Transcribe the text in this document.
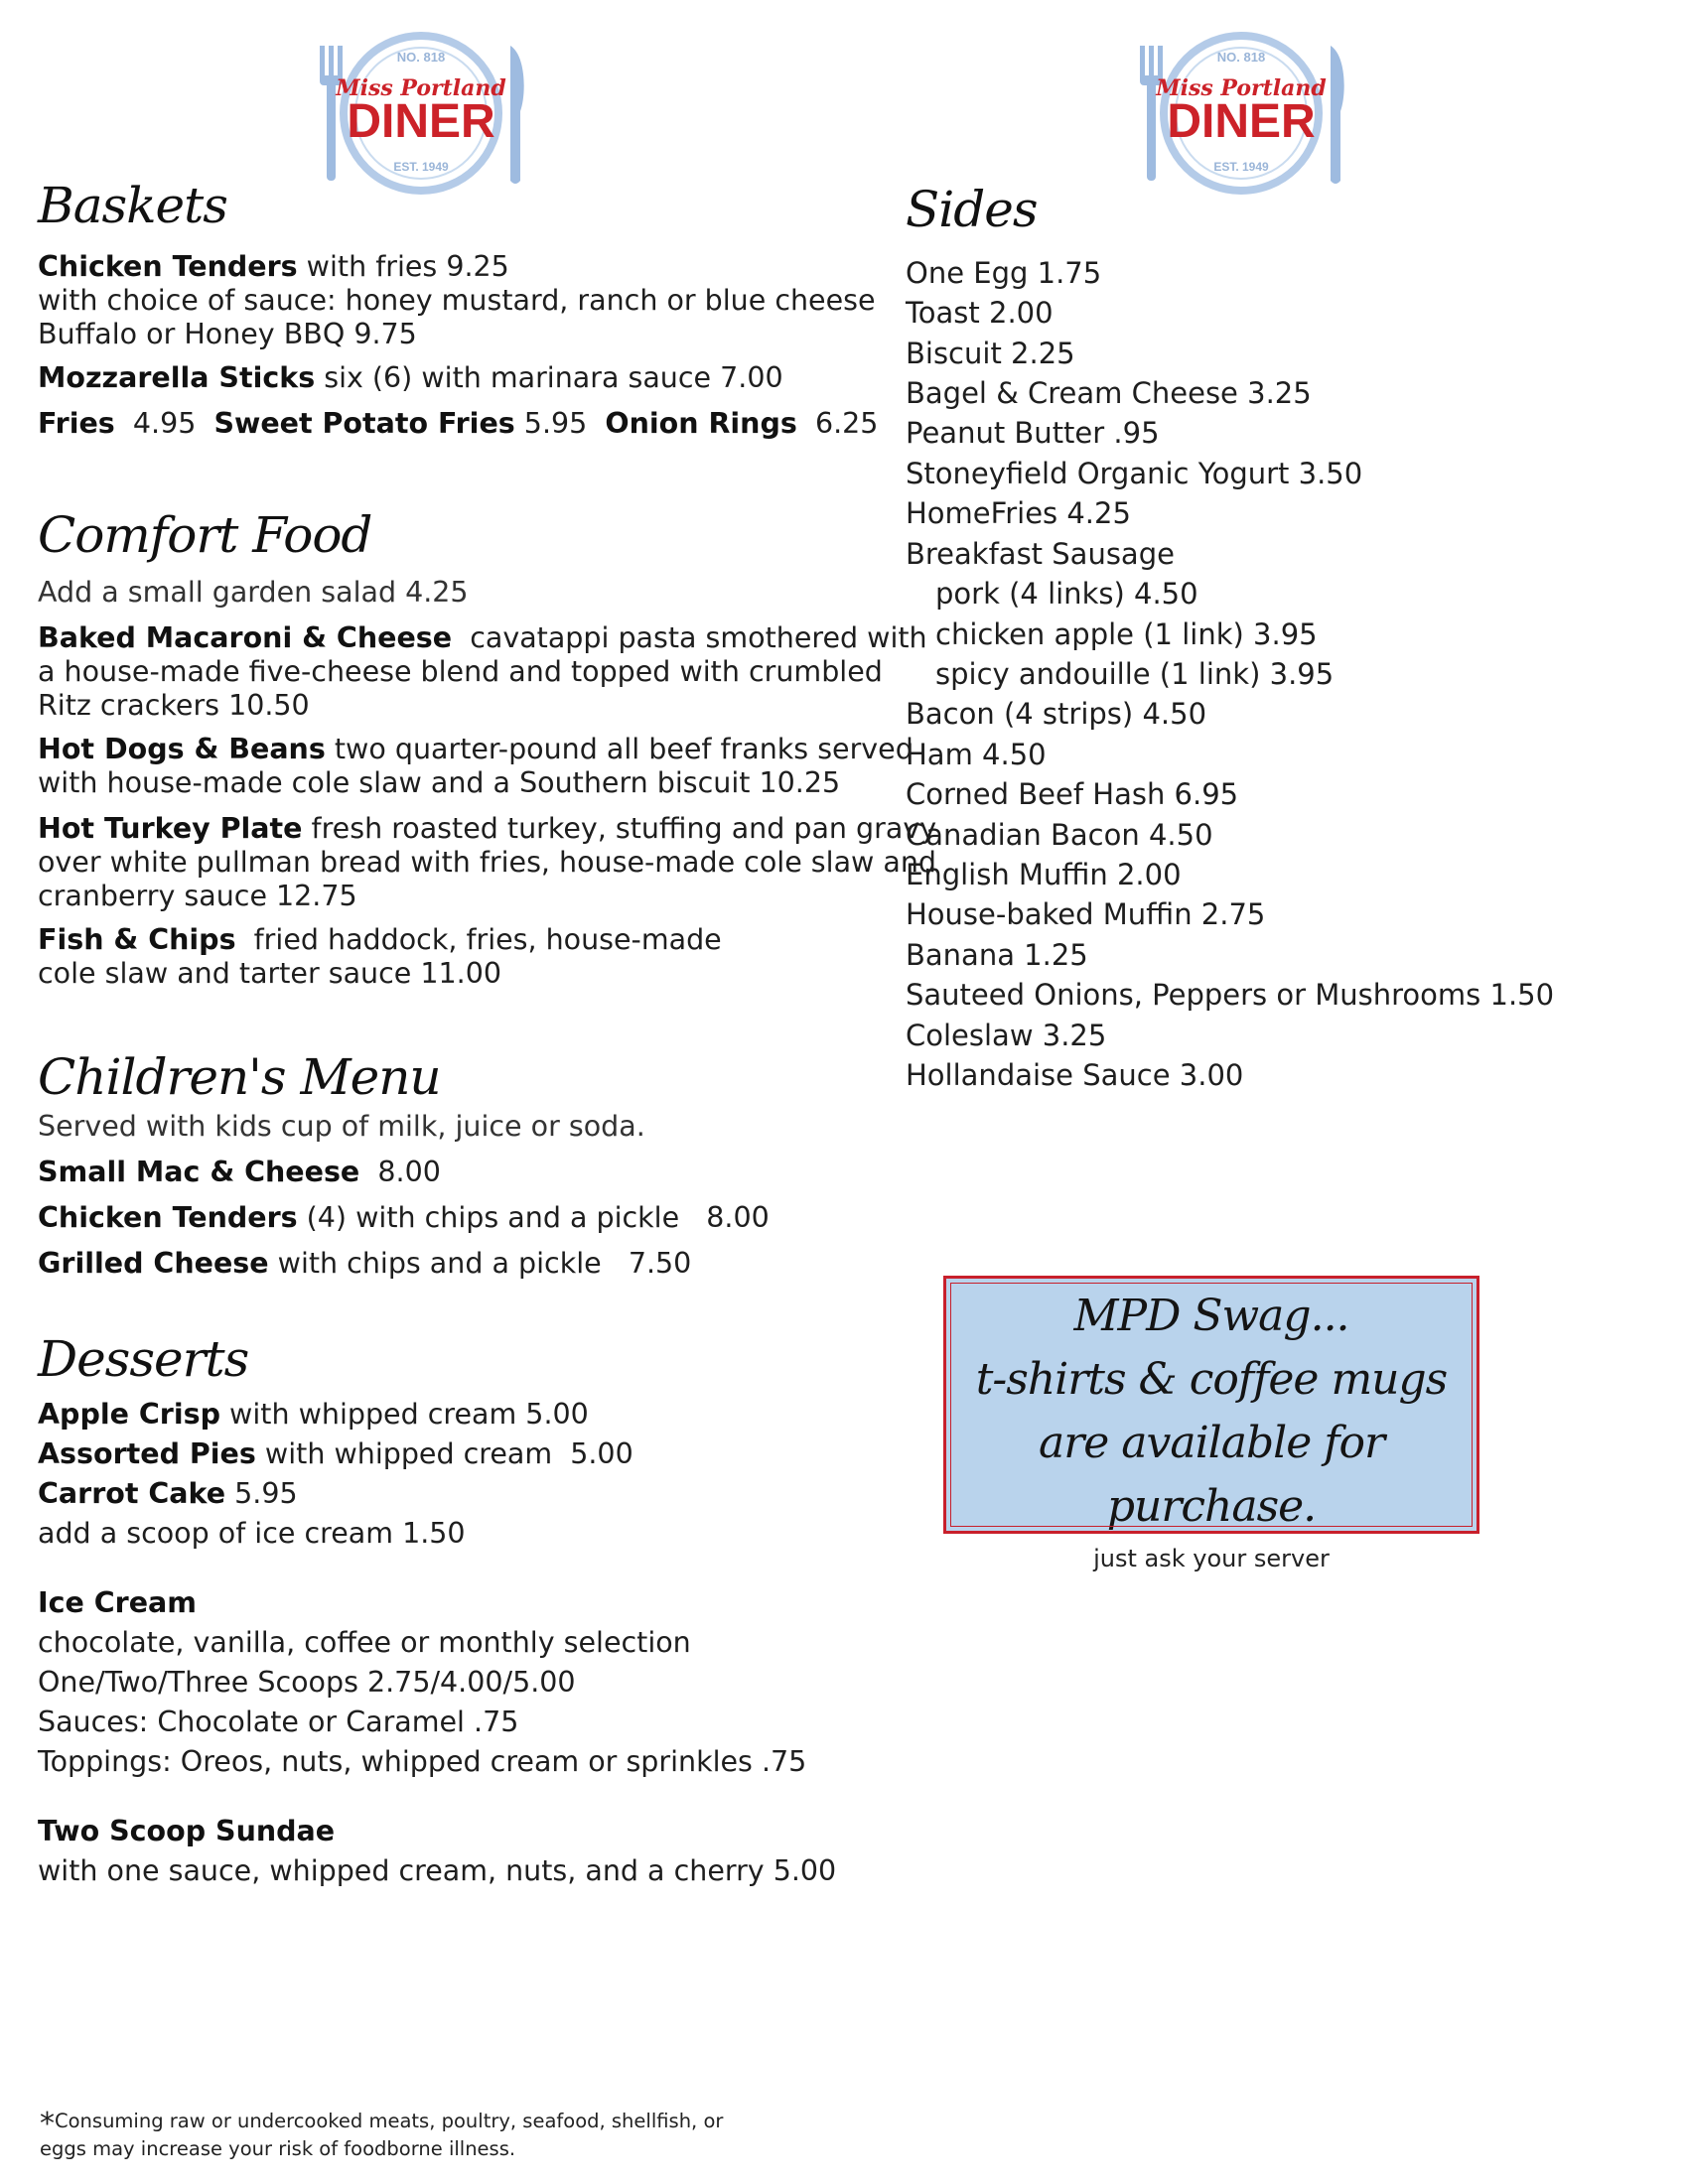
NO. 818
Miss Portland
DINER
EST. 1949
NO. 818
Miss Portland
DINER
EST. 1949
Baskets

Chicken Tenders with fries 9.25

with choice of sauce: honey mustard, ranch or blue cheese

Buffalo or Honey BBQ 9.75

Mozzarella Sticks six (6) with marinara sauce 7.00

Fries  4.95  Sweet Potato Fries 5.95  Onion Rings  6.25

Comfort Food

Add a small garden salad 4.25

Baked Macaroni & Cheese  cavatappi pasta smothered with

a house-made five-cheese blend and topped with crumbled

Ritz crackers 10.50

Hot Dogs & Beans two quarter-pound all beef franks served

with house-made cole slaw and a Southern biscuit 10.25

Hot Turkey Plate fresh roasted turkey, stuffing and pan gravy

over white pullman bread with fries, house-made cole slaw and

cranberry sauce 12.75

Fish & Chips  fried haddock, fries, house-made

cole slaw and tarter sauce 11.00

Children's Menu

Served with kids cup of milk, juice or soda.

Small Mac & Cheese  8.00

Chicken Tenders (4) with chips and a pickle   8.00

Grilled Cheese with chips and a pickle   7.50

Desserts

Apple Crisp with whipped cream 5.00

Assorted Pies with whipped cream  5.00

Carrot Cake 5.95

add a scoop of ice cream 1.50

Ice Cream

chocolate, vanilla, coffee or monthly selection

One/Two/Three Scoops 2.75/4.00/5.00

Sauces: Chocolate or Caramel .75

Toppings: Oreos, nuts, whipped cream or sprinkles .75

Two Scoop Sundae

with one sauce, whipped cream, nuts, and a cherry 5.00

Sides

One Egg 1.75

Toast 2.00

Biscuit 2.25

Bagel & Cream Cheese 3.25

Peanut Butter .95

Stoneyfield Organic Yogurt 3.50

HomeFries 4.25

Breakfast Sausage

pork (4 links) 4.50

chicken apple (1 link) 3.95

spicy andouille (1 link) 3.95

Bacon (4 strips) 4.50

Ham 4.50

Corned Beef Hash 6.95

Canadian Bacon 4.50

English Muffin 2.00

House-baked Muffin 2.75

Banana 1.25

Sauteed Onions, Peppers or Mushrooms 1.50

Coleslaw 3.25

Hollandaise Sauce 3.00

MPD Swag...
t-shirts & coffee mugs
are available for purchase.
just ask your server
*Consuming raw or undercooked meats, poultry, seafood, shellfish, or
eggs may increase your risk of foodborne illness.
